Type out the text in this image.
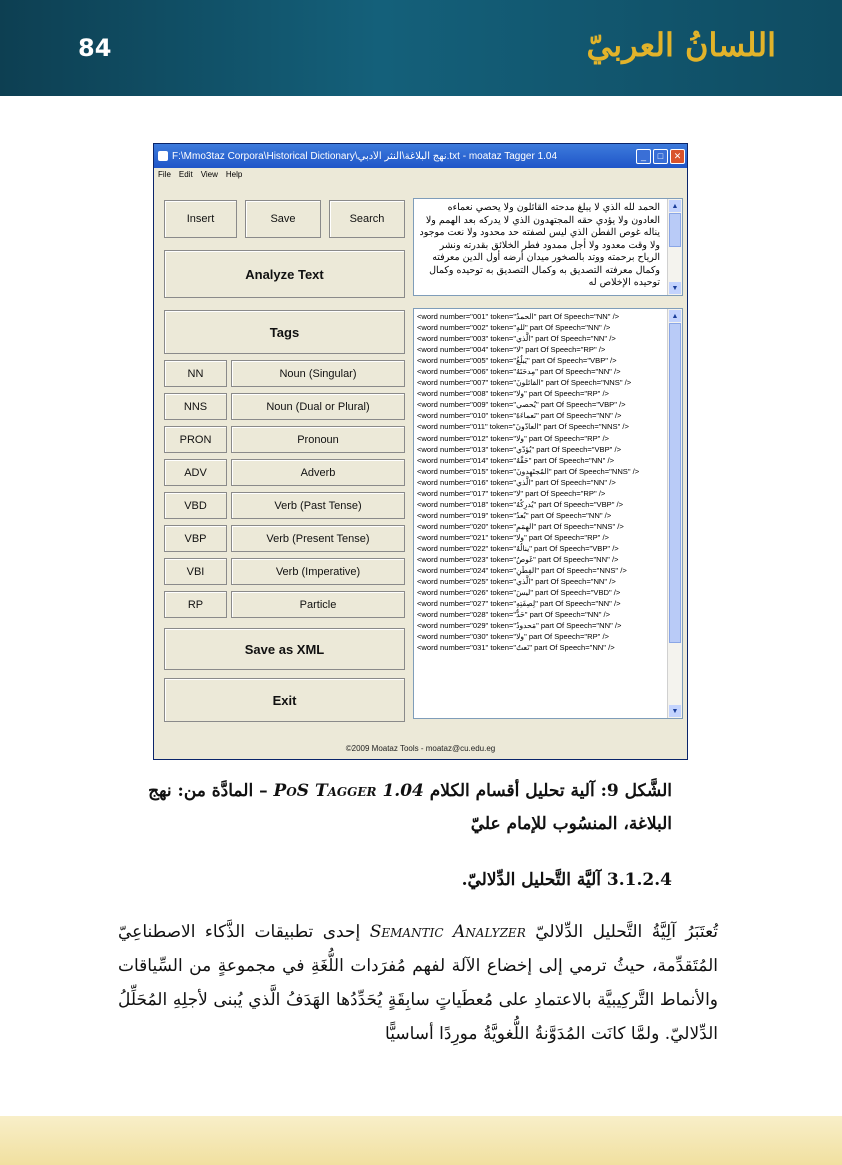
84	اللسانُ العربيّ
F:\Mmo3taz Corpora\Historical Dictionary\نهج البلاغة\النثر الأدبي.txt - moataz Tagger 1.04	_	□	✕
File Edit View Help
Insert	Save	Search
Analyze Text
Tags
NN	Noun (Singular)
NNS	Noun (Dual or Plural)
PRON	Pronoun
ADV	Adverb
VBD	Verb (Past Tense)
VBP	Verb (Present Tense)
VBI	Verb (Imperative)
RP	Particle
Save as XML
Exit
الحمد لله الذي لا يبلغ مدحته القائلون ولا يحصي نعماءه العادون ولا يؤدي حقه المجتهدون الذي لا يدركه بعد الهمم ولا يناله غوص الفطن الذي ليس لصفته حد محدود ولا نعت موجود ولا وقت معدود ولا أجل ممدود فطر الخلائق بقدرته ونشر الرياح برحمته ووتد بالصخور ميدان أرضه أول الدين معرفته وكمال معرفته التصديق به وكمال التصديق به توحيده وكمال توحيده الإخلاص له
▲
▼
<word number="001" token="الحمدُ" part Of Speech="NN" />
<word number="002" token="للهِ" part Of Speech="NN" />
<word number="003" token="الَّذي" part Of Speech="NN" />
<word number="004" token="لا" part Of Speech="RP" />
<word number="005" token="يَبلُغُ" part Of Speech="VBP" />
<word number="006" token="مِدحَتَهُ" part Of Speech="NN" />
<word number="007" token="القائلونَ" part Of Speech="NNS" />
<word number="008" token="ولا" part Of Speech="RP" />
<word number="009" token="يُحصي" part Of Speech="VBP" />
<word number="010" token="نَعماءَهُ" part Of Speech="NN" />
<word number="011" token="العادّونَ" part Of Speech="NNS" />
<word number="012" token="ولا" part Of Speech="RP" />
<word number="013" token="يُؤدّي" part Of Speech="VBP" />
<word number="014" token="حَقَّهُ" part Of Speech="NN" />
<word number="015" token="المُجتَهِدونَ" part Of Speech="NNS" />
<word number="016" token="الَّذي" part Of Speech="NN" />
<word number="017" token="لا" part Of Speech="RP" />
<word number="018" token="يُدرِكُهُ" part Of Speech="VBP" />
<word number="019" token="بُعدُ" part Of Speech="NN" />
<word number="020" token="الهِمَمِ" part Of Speech="NNS" />
<word number="021" token="ولا" part Of Speech="RP" />
<word number="022" token="ينالُهُ" part Of Speech="VBP" />
<word number="023" token="غَوصُ" part Of Speech="NN" />
<word number="024" token="الفِطَنِ" part Of Speech="NNS" />
<word number="025" token="الَّذي" part Of Speech="NN" />
<word number="026" token="ليسَ" part Of Speech="VBD" />
<word number="027" token="لِصِفَتِهِ" part Of Speech="NN" />
<word number="028" token="حَدٌّ" part Of Speech="NN" />
<word number="029" token="مَحدودٌ" part Of Speech="NN" />
<word number="030" token="ولا" part Of Speech="RP" />
<word number="031" token="نَعتٌ" part Of Speech="NN" />
▲
▼
©2009 Moataz Tools - moataz@cu.edu.eg
الشَّكل 9: آلية تحليل أقسام الكلام PoS Tagger 1.04 – المادَّة من: نهج البلاغة، المنسُوب للإمام عليّ
3.1.2.4 آليَّة التَّحليل الدِّلاليّ.
تُعتَبَرُ آلِيَّةُ التَّحليل الدِّلاليّ Semantic Analyzer إحدى تطبيقات الذَّكاء الاصطناعِيّ المُتَقدِّمة، حيثُ ترمي إلى إخضاع الآلة لفهم مُفرَدات اللُّغَةِ في مجموعةٍ من السِّياقات والأنماط التَّركِيبيَّة بالاعتمادِ على مُعطَياتٍ سابِقَةٍ يُحَدِّدُها الهَدَفُ الَّذي يُبنى لأجلِهِ المُحَلِّلُ الدِّلاليّ. ولمَّا كانَت المُدَوَّنةُ اللُّغويَّةُ مورِدًا أساسيًّا
